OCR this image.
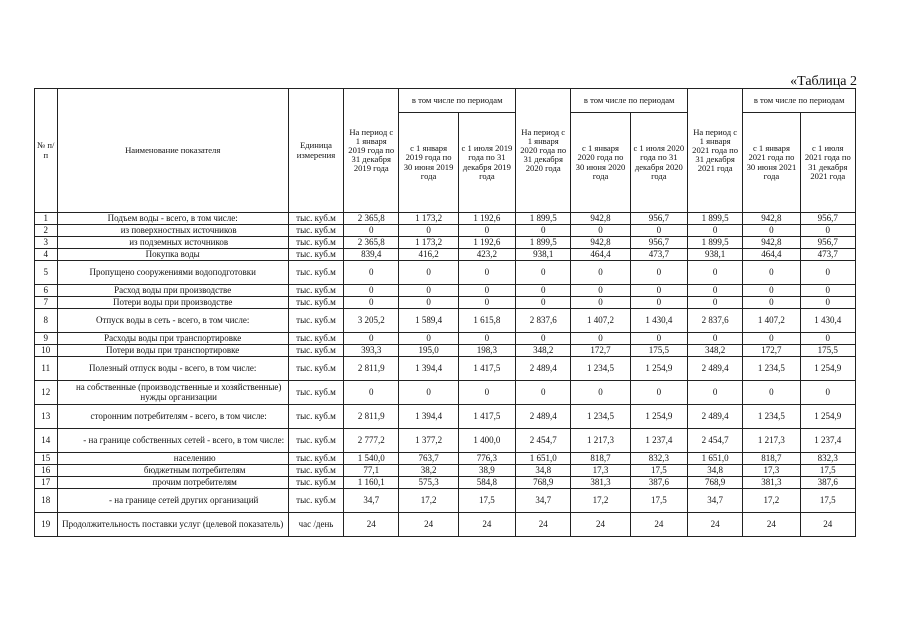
«Таблица 2
№ п/п	Наименование показателя	Единица измерения	На период с 1 января 2019 года по 31 декабря 2019 года	в том числе по периодам		На период с 1 января 2020 года по 31 декабря 2020 года	в том числе по периодам		На период с 1 января 2021 года по 31 декабря 2021 года	в том числе по периодам	
				с 1 января 2019 года по 30 июня 2019 года	с 1 июля 2019 года по 31 декабря 2019 года		с 1 января 2020 года по 30 июня 2020 года	с 1 июля 2020 года по 31 декабря 2020 года		с 1 января 2021 года по 30 июня 2021 года	с 1 июля 2021 года по 31 декабря 2021 года
1	Подъем воды - всего, в том числе:	тыс. куб.м	2 365,8	1 173,2	1 192,6	1 899,5	942,8	956,7	1 899,5	942,8	956,7
2	из поверхностных источников	тыс. куб.м	0	0	0	0	0	0	0	0	0
3	из подземных источников	тыс. куб.м	2 365,8	1 173,2	1 192,6	1 899,5	942,8	956,7	1 899,5	942,8	956,7
4	Покупка воды	тыс. куб.м	839,4	416,2	423,2	938,1	464,4	473,7	938,1	464,4	473,7
5	Пропущено сооружениями водоподготовки	тыс. куб.м	0	0	0	0	0	0	0	0	0
6	Расход воды при производстве	тыс. куб.м	0	0	0	0	0	0	0	0	0
7	Потери воды при производстве	тыс. куб.м	0	0	0	0	0	0	0	0	0
8	Отпуск воды в сеть - всего, в том числе:	тыс. куб.м	3 205,2	1 589,4	1 615,8	2 837,6	1 407,2	1 430,4	2 837,6	1 407,2	1 430,4
9	Расходы воды при транспортировке	тыс. куб.м	0	0	0	0	0	0	0	0	0
10	Потери воды при транспортировке	тыс. куб.м	393,3	195,0	198,3	348,2	172,7	175,5	348,2	172,7	175,5
11	Полезный отпуск воды - всего, в том числе:	тыс. куб.м	2 811,9	1 394,4	1 417,5	2 489,4	1 234,5	1 254,9	2 489,4	1 234,5	1 254,9
12	на собственные (производственные и хозяйственные) нужды организации	тыс. куб.м	0	0	0	0	0	0	0	0	0
13	сторонним потребителям - всего, в том числе:	тыс. куб.м	2 811,9	1 394,4	1 417,5	2 489,4	1 234,5	1 254,9	2 489,4	1 234,5	1 254,9
14	- на границе собственных сетей - всего, в том числе:	тыс. куб.м	2 777,2	1 377,2	1 400,0	2 454,7	1 217,3	1 237,4	2 454,7	1 217,3	1 237,4
15	населению	тыс. куб.м	1 540,0	763,7	776,3	1 651,0	818,7	832,3	1 651,0	818,7	832,3
16	бюджетным потребителям	тыс. куб.м	77,1	38,2	38,9	34,8	17,3	17,5	34,8	17,3	17,5
17	прочим потребителям	тыс. куб.м	1 160,1	575,3	584,8	768,9	381,3	387,6	768,9	381,3	387,6
18	- на границе сетей других организаций	тыс. куб.м	34,7	17,2	17,5	34,7	17,2	17,5	34,7	17,2	17,5
19	Продолжительность поставки услуг (целевой показатель)	час /день	24	24	24	24	24	24	24	24	24
